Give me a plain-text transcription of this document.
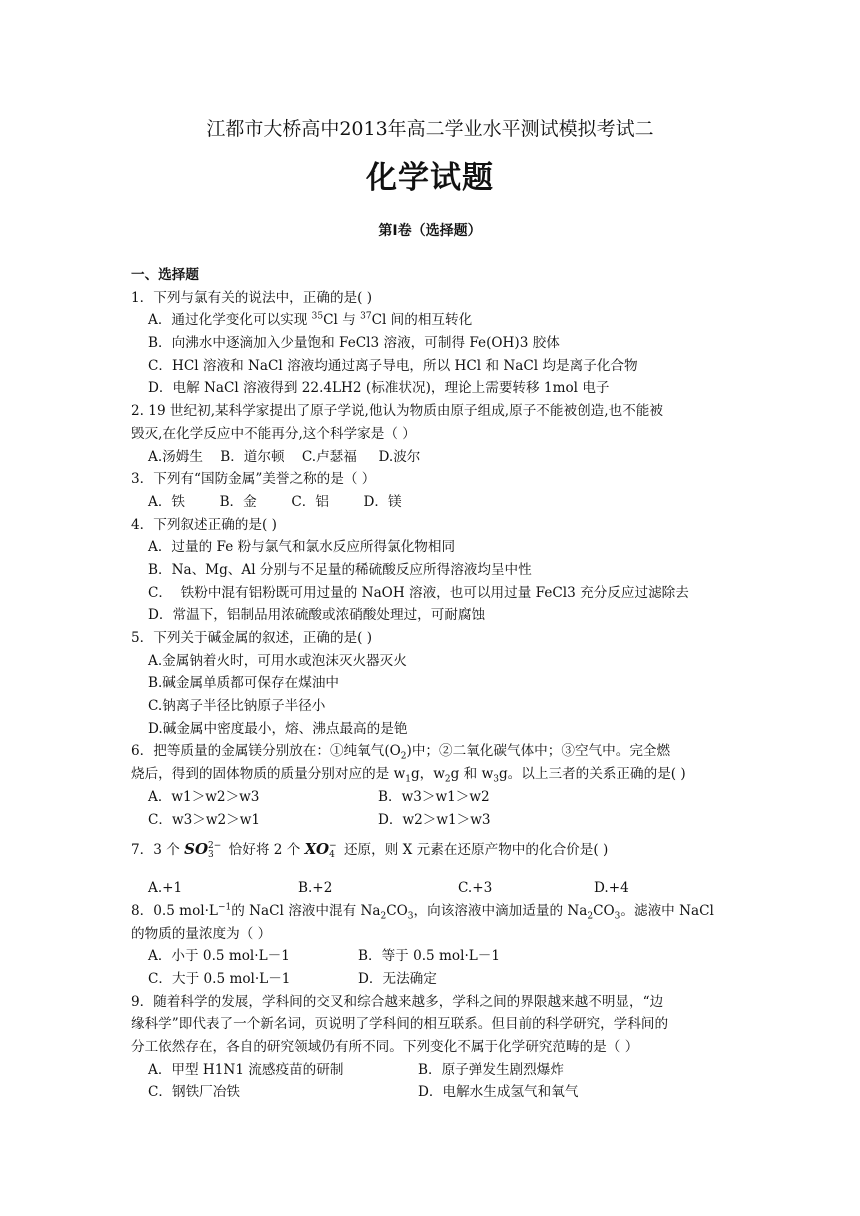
江都市大桥高中2013年高二学业水平测试模拟考试二
化学试题
第Ⅰ卷（选择题）
一、选择题
1．下列与氯有关的说法中，正确的是( )
A．通过化学变化可以实现 $^{35}$Cl 与 $^{37}$Cl 间的相互转化
B．向沸水中逐滴加入少量饱和 FeCl3 溶液，可制得 Fe(OH)3 胶体
C．HCl 溶液和 NaCl 溶液均通过离子导电，所以 HCl 和 NaCl 均是离子化合物
D．电解 NaCl 溶液得到 22.4LH2 (标准状况)，理论上需要转移 1mol 电子
2. 19 世纪初,某科学家提出了原子学说,他认为物质由原子组成,原子不能被创造,也不能被
毁灭,在化学反应中不能再分,这个科学家是（ ）
A.汤姆生    B．道尔顿    C.卢瑟福     D.波尔
3．下列有“国防金属”美誉之称的是（ ）
A．铁        B．金        C．铝        D．镁
4．下列叙述正确的是( )
A．过量的 Fe 粉与氯气和氯水反应所得氯化物相同
B．Na、Mg、Al 分别与不足量的稀硫酸反应所得溶液均呈中性
C．  铁粉中混有铝粉既可用过量的 NaOH 溶液，也可以用过量 FeCl3 充分反应过滤除去
D．常温下，铝制品用浓硫酸或浓硝酸处理过，可耐腐蚀
5．下列关于碱金属的叙述，正确的是( )
A.金属钠着火时，可用水或泡沫灭火器灭火
B.碱金属单质都可保存在煤油中
C.钠离子半径比钠原子半径小
D.碱金属中密度最小，熔、沸点最高的是铯
6．把等质量的金属镁分别放在：①纯氧气$(O_2)$中；②二氧化碳气体中；③空气中。完全燃
烧后，得到的固体物质的质量分别对应的是 $w_1g$，$w_2g$ 和 $w_3g$。以上三者的关系正确的是( )
A．w1＞w2＞w3	B．w3＞w1＞w2
C．w3＞w2＞w1	D．w2＞w1＞w3
7．3 个 SO 2−
3 恰好将 2 个 XO −
4 还原，则 X 元素在还原产物中的化合价是( )
A.+1	B.+2	C.+3	D.+4
8．0.5 $mol\cdot L^{-1}$的 NaCl 溶液中混有 $Na_2CO_3$，向该溶液中滴加适量的 $Na_2CO_3$。滤液中 NaCl
的物质的量浓度为（ ）
A．小于 0.5 mol·L－1	B．等于 0.5 mol·L－1
C．大于 0.5 mol·L－1	D．无法确定
9．随着科学的发展，学科间的交叉和综合越来越多，学科之间的界限越来越不明显，“边
缘科学”即代表了一个新名词，页说明了学科间的相互联系。但目前的科学研究，学科间的
分工依然存在，各自的研究领域仍有所不同。下列变化不属于化学研究范畴的是（ ）
A．甲型 H1N1 流感疫苗的研制	B．原子弹发生剧烈爆炸
C．钢铁厂冶铁	D．电解水生成氢气和氧气
